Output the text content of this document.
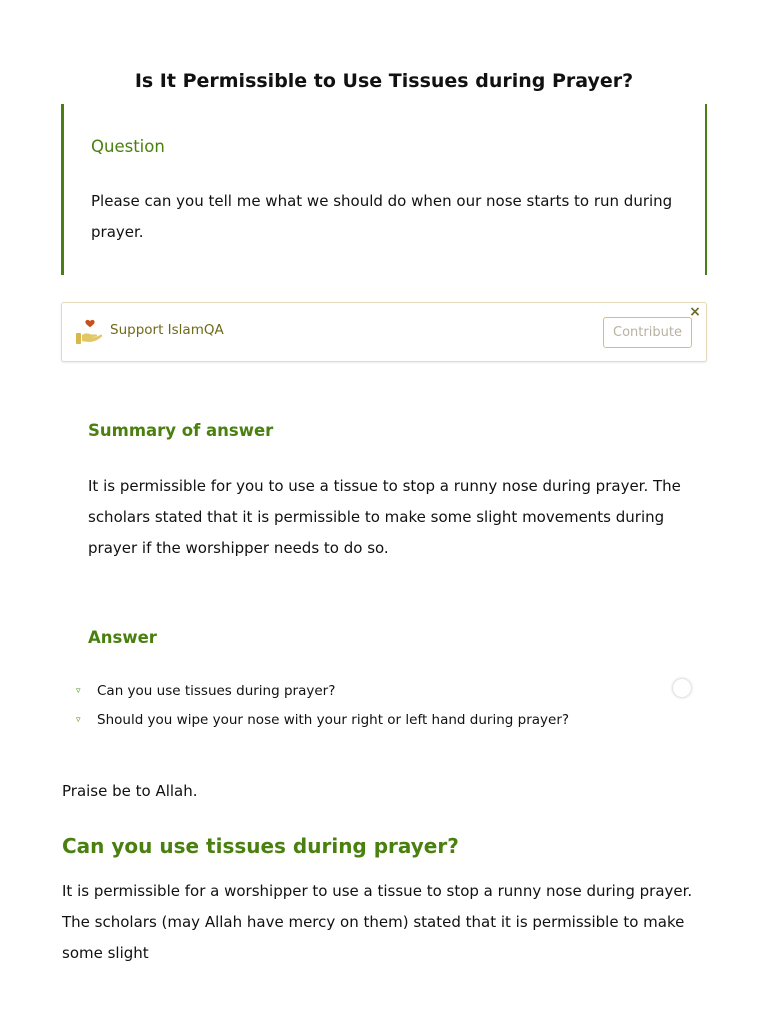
Is It Permissible to Use Tissues during Prayer?
Question

Please can you tell me what we should do when our nose starts to run during prayer.

Support IslamQA	Contribute
×
Summary of answer

It is permissible for you to use a tissue to stop a runny nose during prayer. The scholars stated that it is permissible to make some slight movements during prayer if the worshipper needs to do so.

Answer
▿ Can you use tissues during prayer?
▿ Should you wipe your nose with your right or left hand during prayer?

Praise be to Allah.

Can you use tissues during prayer?

It is permissible for a worshipper to use a tissue to stop a runny nose during prayer. The scholars (may Allah have mercy on them) stated that it is permissible to make some slight
